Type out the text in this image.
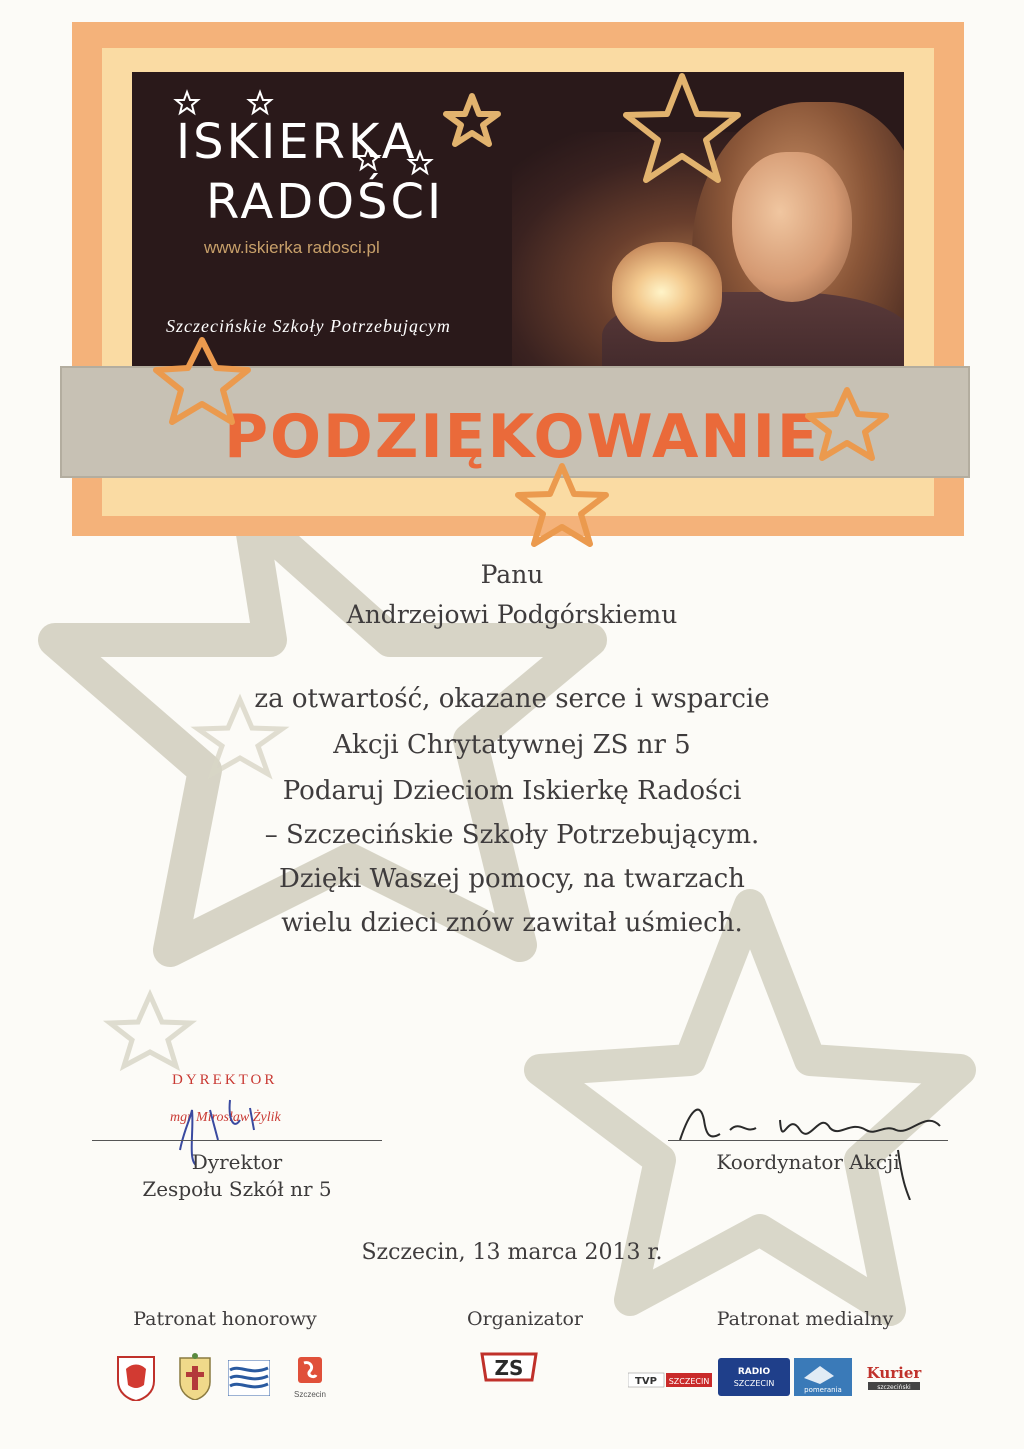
ISKIERKA
RADOŚCI
www.iskierka radosci.pl
Szczecińskie Szkoły Potrzebującym
PODZIĘKOWANIE
Panu
Andrzejowi Podgórskiemu
za otwartość, okazane serce i wsparcie
Akcji Chrytatywnej ZS nr 5
Podaruj Dzieciom Iskierkę Radości
– Szczecińskie Szkoły Potrzebującym.
Dzięki Waszej pomocy, na twarzach
wielu dzieci znów zawitał uśmiech.
DYREKTOR
mgr Mirosław Żylik
Dyrektor
Zespołu Szkół nr 5
Koordynator Akcji
Szczecin, 13 marca 2013 r.
Patronat honorowy	Organizator	Patronat medialny
Szczecin
ZS
TVP SZCZECIN
RADIO
SZCZECIN
pomerania
Kurier
szczeciński
